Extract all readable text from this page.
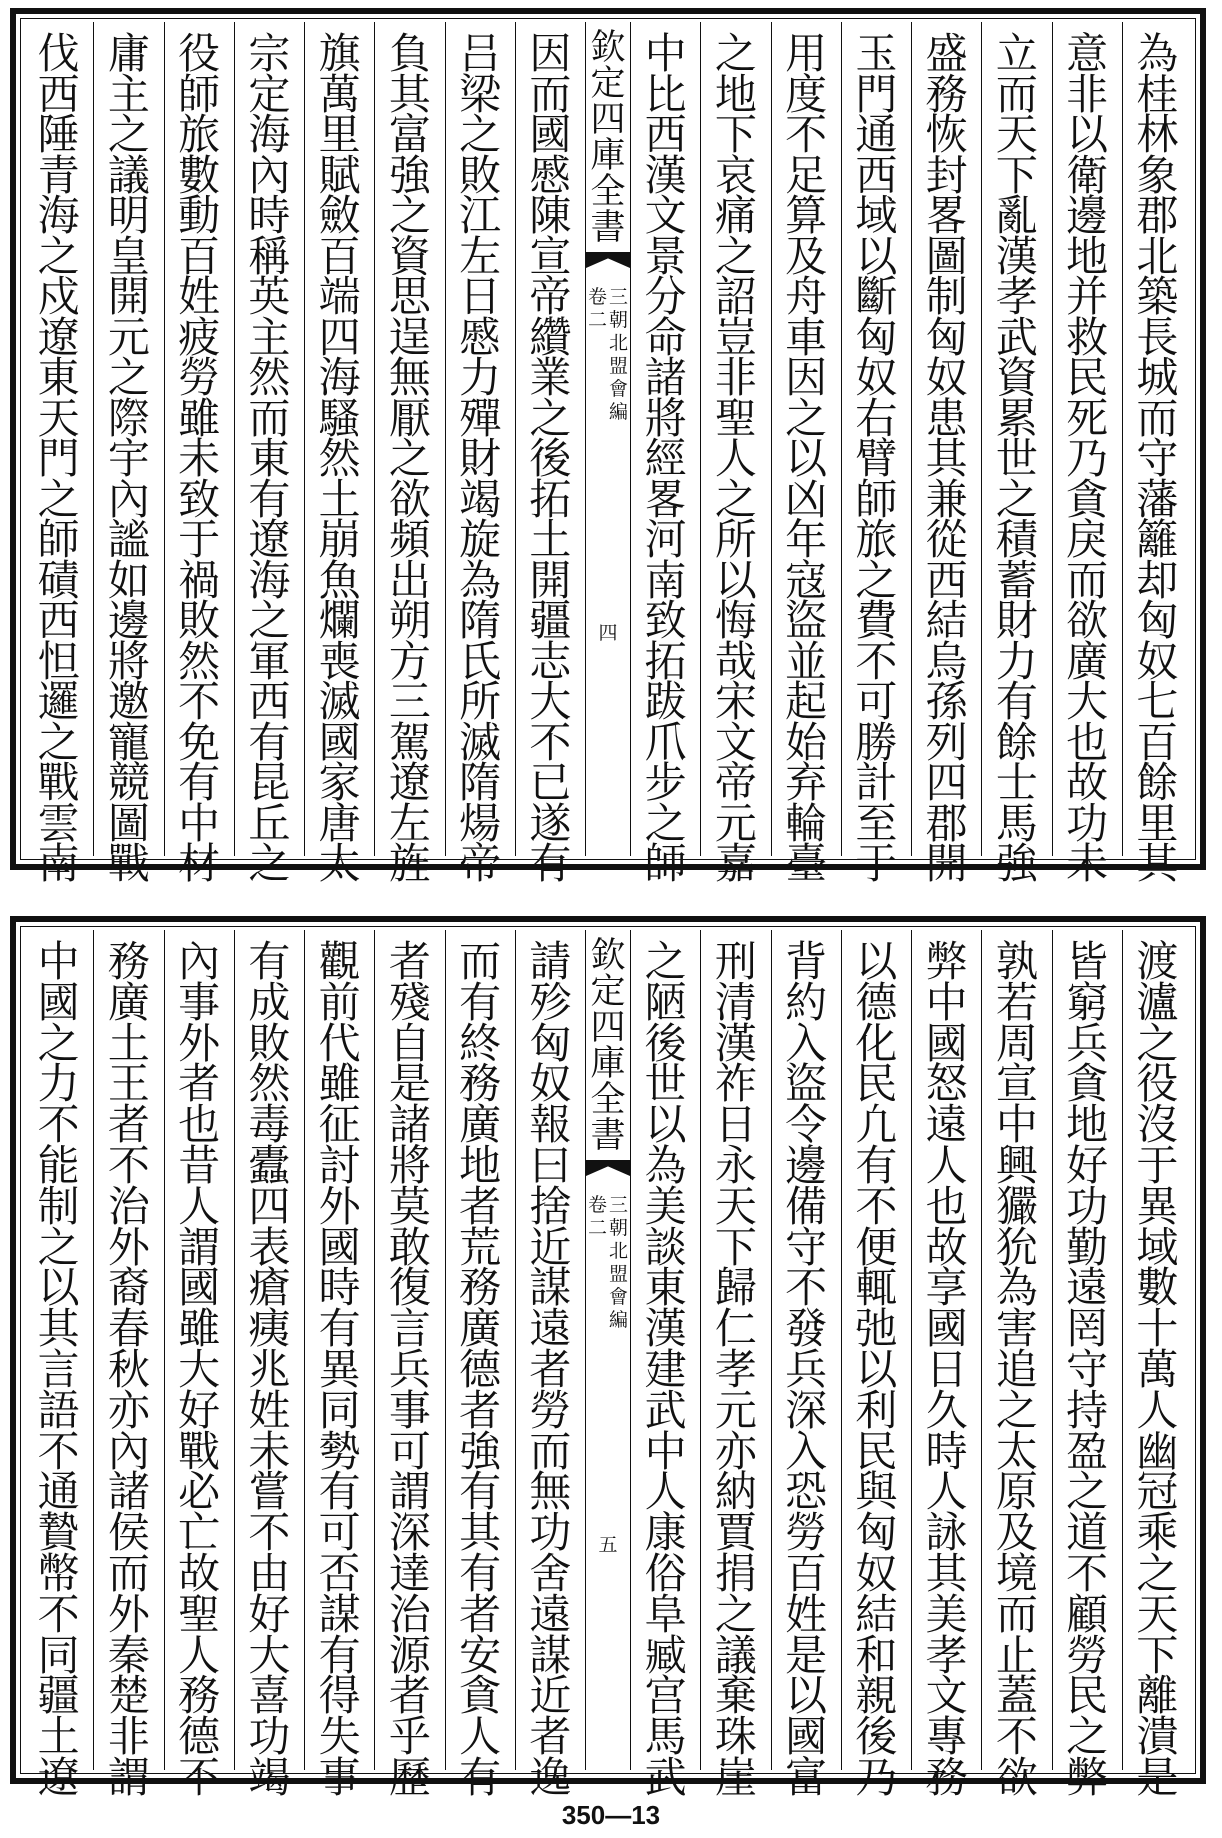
為
桂
林
象
郡
北
築
長
城
而
守
藩
籬
却
匈
奴
七
百
餘
里
其
意
非
以
衛
邊
地
并
救
民
死
乃
貪
戾
而
欲
廣
大
也
故
功
未
立
而
天
下
亂
漢
孝
武
資
累
世
之
積
蓄
財
力
有
餘
士
馬
強
盛
務
恢
封
畧
圖
制
匈
奴
患
其
兼
從
西
結
烏
孫
列
四
郡
開
玉
門
通
西
域
以
斷
匈
奴
右
臂
師
旅
之
費
不
可
勝
計
至
于
用
度
不
足
算
及
舟
車
因
之
以
凶
年
寇
盜
並
起
始
弃
輪
臺
之
地
下
哀
痛
之
詔
豈
非
聖
人
之
所
以
悔
哉
宋
文
帝
元
嘉
中
比
西
漢
文
景
分
命
諸
將
經
畧
河
南
致
拓
跋
爪
步
之
師
欽
定
四
庫
全
書
三
朝
北
盟
會
編
卷
二
四
因
而
國
慼
陳
宣
帝
纘
業
之
後
拓
土
開
疆
志
大
不
已
遂
有
吕
梁
之
敗
江
左
日
慼
力
殫
財
竭
旋
為
隋
氏
所
滅
隋
煬
帝
負
其
富
強
之
資
思
逞
無
厭
之
欲
頻
出
朔
方
三
駕
遼
左
旌
旗
萬
里
賦
斂
百
端
四
海
騷
然
土
崩
魚
爛
喪
滅
國
家
唐
太
宗
定
海
內
時
稱
英
主
然
而
東
有
遼
海
之
軍
西
有
昆
丘
之
役
師
旅
數
動
百
姓
疲
勞
雖
未
致
于
禍
敗
然
不
免
有
中
材
庸
主
之
議
明
皇
開
元
之
際
宇
內
謐
如
邊
將
邀
寵
競
圖
戰
伐
西
陲
青
海
之
戍
遼
東
天
門
之
師
磧
西
怛
邏
之
戰
雲
南
渡
瀘
之
役
沒
于
異
域
數
十
萬
人
幽
冠
乘
之
天
下
離
潰
是
皆
窮
兵
貪
地
好
功
勤
遠
罔
守
持
盈
之
道
不
顧
勞
民
之
弊
孰
若
周
宣
中
興
玁
狁
為
害
追
之
太
原
及
境
而
止
蓋
不
欲
弊
中
國
怒
遠
人
也
故
享
國
日
久
時
人
詠
其
美
孝
文
專
務
以
德
化
民
凢
有
不
便
輒
弛
以
利
民
與
匈
奴
結
和
親
後
乃
背
約
入
盜
令
邊
備
守
不
發
兵
深
入
恐
勞
百
姓
是
以
國
富
刑
清
漢
祚
日
永
天
下
歸
仁
孝
元
亦
納
賈
捐
之
議
棄
珠
崖
之
陋
後
世
以
為
美
談
東
漢
建
武
中
人
康
俗
阜
臧
宫
馬
武
欽
定
四
庫
全
書
三
朝
北
盟
會
編
卷
二
五
請
殄
匈
奴
報
曰
捨
近
謀
遠
者
勞
而
無
功
舍
遠
謀
近
者
逸
而
有
終
務
廣
地
者
荒
務
廣
德
者
強
有
其
有
者
安
貪
人
有
者
殘
自
是
諸
將
莫
敢
復
言
兵
事
可
謂
深
達
治
源
者
乎
歷
觀
前
代
雖
征
討
外
國
時
有
異
同
勢
有
可
否
謀
有
得
失
事
有
成
敗
然
毒
蠹
四
表
瘡
痍
兆
姓
未
嘗
不
由
好
大
喜
功
竭
內
事
外
者
也
昔
人
謂
國
雖
大
好
戰
必
亡
故
聖
人
務
德
不
務
廣
土
王
者
不
治
外
裔
春
秋
亦
內
諸
侯
而
外
秦
楚
非
謂
中
國
之
力
不
能
制
之
以
其
言
語
不
通
贄
幣
不
同
疆
土
遼
350—13
